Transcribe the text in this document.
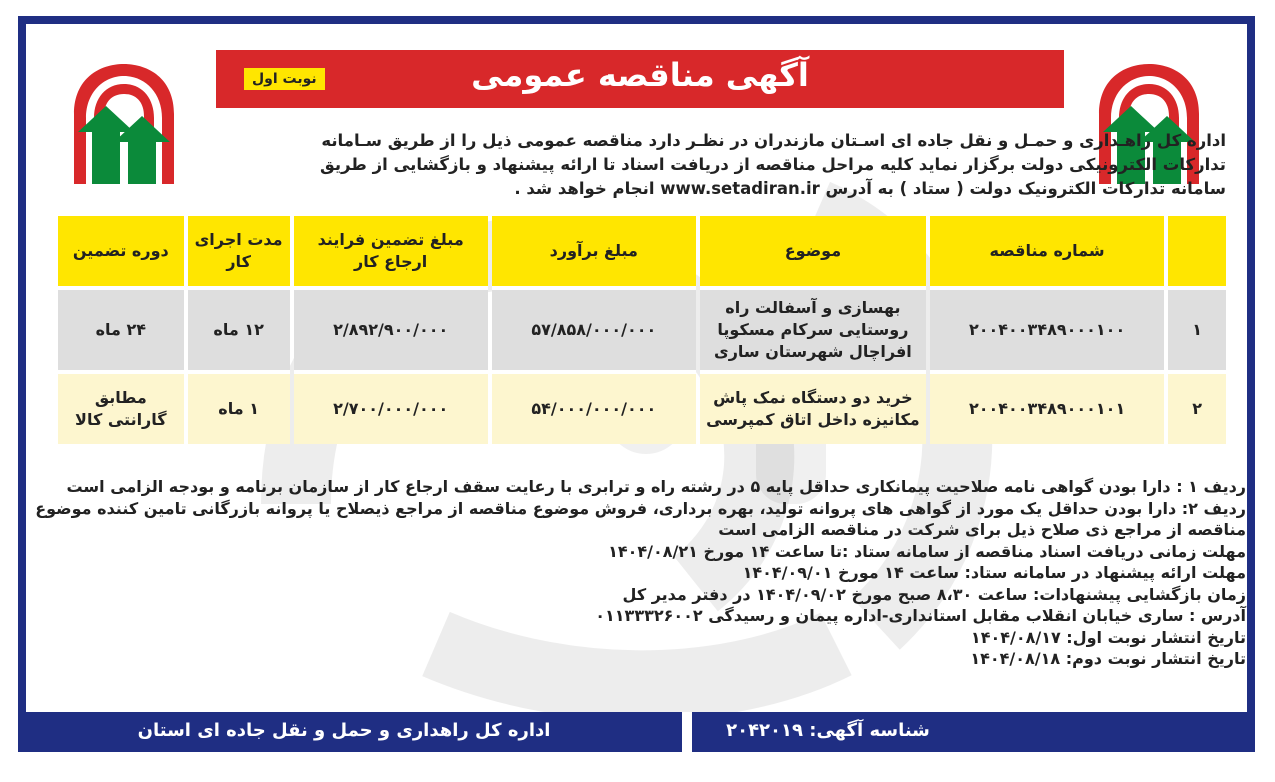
آگهی مناقصه عمومی
نوبت اول
اداره کل راهـداری و حمـل و نقل جاده ای اسـتان مازندران در نظـر دارد مناقصه عمومی ذیل را از طریق سـامانه
تدارکات الکترونیکی دولت برگزار نماید کلیه مراحل مناقصه از دریافت اسناد تا ارائه پیشنهاد و بازگشایی از طریق
سامانه تدارکات الکترونیک دولت ( ستاد ) به آدرس www.setadiran.ir انجام خواهد شد .
	شماره مناقصه	موضوع	مبلغ برآورد	مبلغ تضمین فرایند ارجاع کار	مدت اجرای کار	دوره تضمین
۱	۲۰۰۴۰۰۳۴۸۹۰۰۰۱۰۰	بهسازی و آسفالت راه روستایی سرکام مسکوپا افراچال شهرستان ساری	۵۷/۸۵۸/۰۰۰/۰۰۰	۲/۸۹۲/۹۰۰/۰۰۰	۱۲ ماه	۲۴ ماه
۲	۲۰۰۴۰۰۳۴۸۹۰۰۰۱۰۱	خرید دو دستگاه نمک پاش مکانیزه داخل اتاق کمپرسی	۵۴/۰۰۰/۰۰۰/۰۰۰	۲/۷۰۰/۰۰۰/۰۰۰	۱ ماه	مطابق گارانتی کالا
ردیف ۱ : دارا بودن گواهی نامه صلاحیت پیمانکاری حداقل پایه ۵ در رشته راه و ترابری با رعایت سقف ارجاع کار از سازمان برنامه و بودجه الزامی است
ردیف ۲: دارا بودن حداقل یک مورد از گواهی های پروانه تولید، بهره برداری، فروش موضوع مناقصه از مراجع ذیصلاح یا پروانه بازرگانی تامین کننده موضوع
مناقصه از مراجع ذی صلاح ذیل برای شرکت در مناقصه الزامی است
مهلت زمانی دریافت اسناد مناقصه از سامانه ستاد :تا ساعت ۱۴ مورخ ۱۴۰۴/۰۸/۲۱
مهلت ارائه پیشنهاد در سامانه ستاد: ساعت ۱۴ مورخ ۱۴۰۴/۰۹/۰۱
زمان بازگشایی پیشنهادات: ساعت ۸،۳۰ صبح مورخ ۱۴۰۴/۰۹/۰۲ در دفتر مدیر کل
آدرس : ساری خیابان انقلاب مقابل استانداری-اداره پیمان و رسیدگی ۰۱۱۳۳۳۲۶۰۰۲
تاریخ انتشار نوبت اول: ۱۴۰۴/۰۸/۱۷
تاریخ انتشار نوبت دوم: ۱۴۰۴/۰۸/۱۸
اداره کل راهداری و حمل و نقل جاده ای استان مازندران
شناسه آگهی: ۲۰۴۲۰۱۹
